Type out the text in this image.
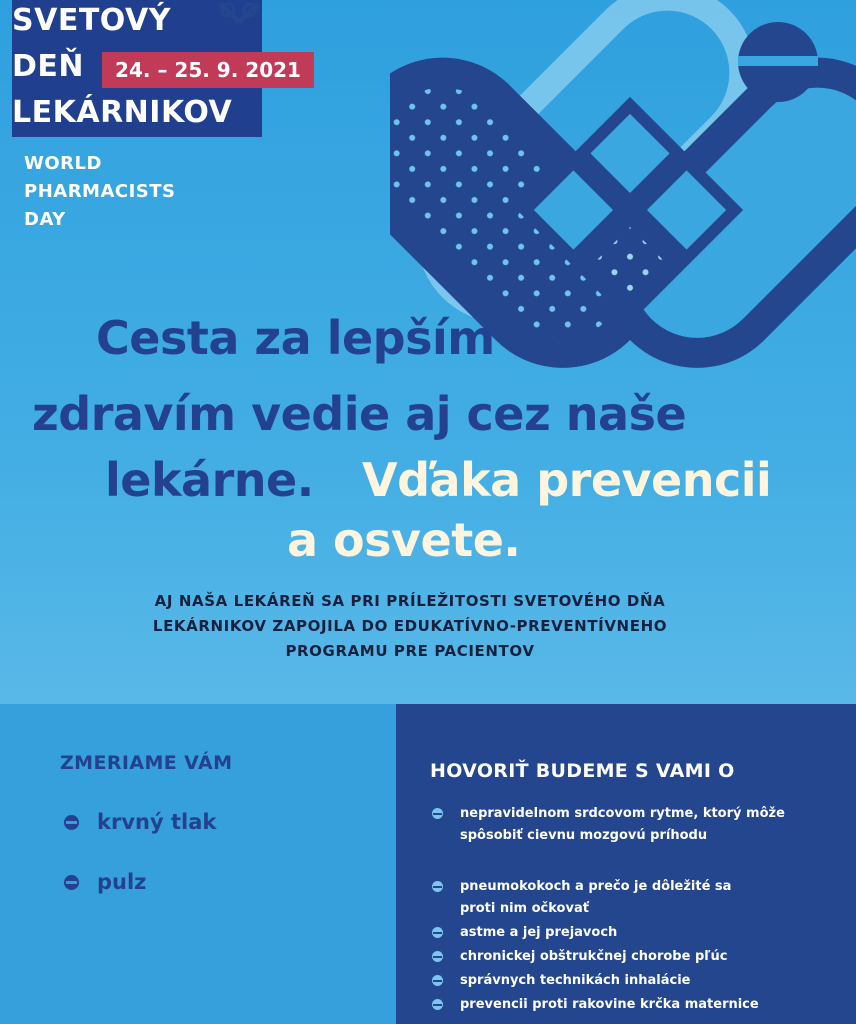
SVETOVÝ
DEŇ
LEKÁRNIKOV
24. – 25. 9. 2021
WORLD
PHARMACISTS
DAY
Cesta za lepším
zdravím vedie aj cez naše
lekárne. Vďaka prevencii
a osvete.
AJ NAŠA LEKÁREŇ SA PRI PRÍLEŽITOSTI SVETOVÉHO DŇA
LEKÁRNIKOV ZAPOJILA DO EDUKATÍVNO-PREVENTÍVNEHO
PROGRAMU PRE PACIENTOV
ZMERIAME VÁM
krvný tlak
pulz
HOVORIŤ BUDEME S VAMI O
nepravidelnom srdcovom rytme, ktorý môže spôsobiť cievnu mozgovú príhodu
pneumokokoch a prečo je dôležité sa proti nim očkovať
astme a jej prejavoch
chronickej obštrukčnej chorobe pľúc
správnych technikách inhalácie
prevencii proti rakovine krčka maternice
